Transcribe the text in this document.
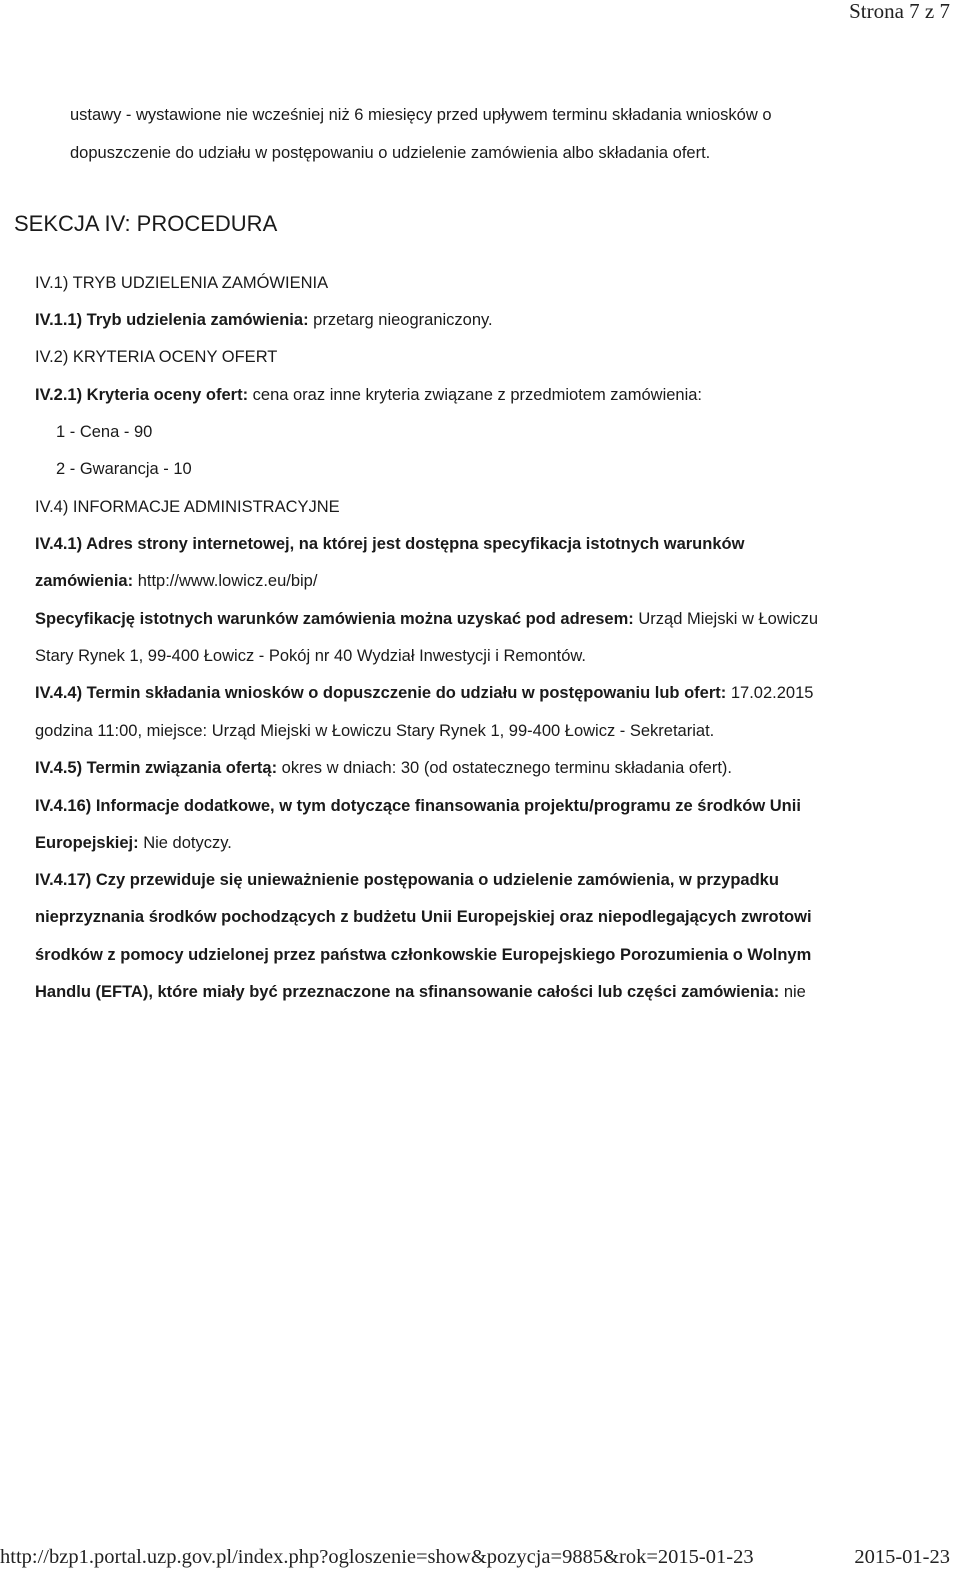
Strona 7 z 7
ustawy - wystawione nie wcześniej niż 6 miesięcy przed upływem terminu składania wniosków o
dopuszczenie do udziału w postępowaniu o udzielenie zamówienia albo składania ofert.
SEKCJA IV: PROCEDURA
IV.1) TRYB UDZIELENIA ZAMÓWIENIA
IV.1.1) Tryb udzielenia zamówienia: przetarg nieograniczony.
IV.2) KRYTERIA OCENY OFERT
IV.2.1) Kryteria oceny ofert: cena oraz inne kryteria związane z przedmiotem zamówienia:
1 - Cena - 90
2 - Gwarancja - 10
IV.4) INFORMACJE ADMINISTRACYJNE
IV.4.1) Adres strony internetowej, na której jest dostępna specyfikacja istotnych warunków
zamówienia: http://www.lowicz.eu/bip/
Specyfikację istotnych warunków zamówienia można uzyskać pod adresem: Urząd Miejski w Łowiczu
Stary Rynek 1, 99-400 Łowicz - Pokój nr 40 Wydział Inwestycji i Remontów.
IV.4.4) Termin składania wniosków o dopuszczenie do udziału w postępowaniu lub ofert: 17.02.2015
godzina 11:00, miejsce: Urząd Miejski w Łowiczu Stary Rynek 1, 99-400 Łowicz - Sekretariat.
IV.4.5) Termin związania ofertą: okres w dniach: 30 (od ostatecznego terminu składania ofert).
IV.4.16) Informacje dodatkowe, w tym dotyczące finansowania projektu/programu ze środków Unii
Europejskiej: Nie dotyczy.
IV.4.17) Czy przewiduje się unieważnienie postępowania o udzielenie zamówienia, w przypadku
nieprzyznania środków pochodzących z budżetu Unii Europejskiej oraz niepodlegających zwrotowi
środków z pomocy udzielonej przez państwa członkowskie Europejskiego Porozumienia o Wolnym
Handlu (EFTA), które miały być przeznaczone na sfinansowanie całości lub części zamówienia: nie
http://bzp1.portal.uzp.gov.pl/index.php?ogloszenie=show&pozycja=9885&rok=2015-01-23	2015-01-23
